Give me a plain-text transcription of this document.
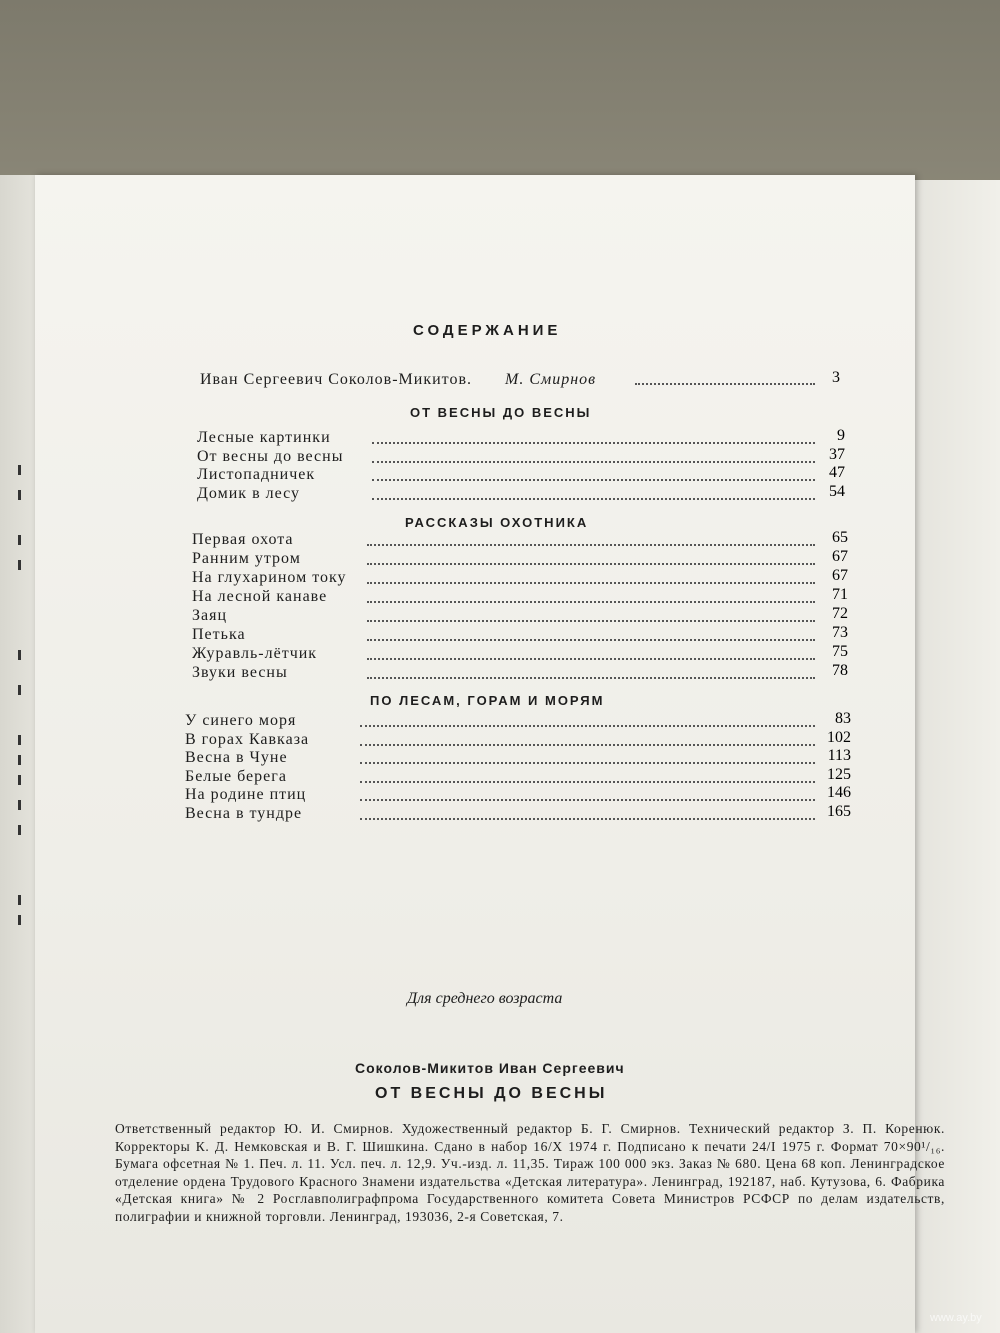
СОДЕРЖАНИЕ
Иван Сергеевич Соколов-Микитов. М. Смирнов	3
ОТ ВЕСНЫ ДО ВЕСНЫ
Лесные картинки	9
От весны до весны	37
Листопадничек	47
Домик в лесу	54
РАССКАЗЫ ОХОТНИКА
Первая охота	65
Ранним утром	67
На глухарином току	67
На лесной канаве	71
Заяц	72
Петька	73
Журавль-лётчик	75
Звуки весны	78
ПО ЛЕСАМ, ГОРАМ И МОРЯМ
У синего моря	83
В горах Кавказа	102
Весна в Чуне	113
Белые берега	125
На родине птиц	146
Весна в тундре	165
Для среднего возраста
Соколов-Микитов Иван Сергеевич
ОТ ВЕСНЫ ДО ВЕСНЫ
Ответственный редактор Ю. И. Смирнов. Художественный редактор Б. Г. Смирнов. Технический редактор З. П. Коренюк. Корректоры К. Д. Немковская и В. Г. Шишкина. Сдано в набор 16/X 1974 г. Подписано к печати 24/I 1975 г. Формат 70×90¹/₁₆. Бумага офсетная № 1. Печ. л. 11. Усл. печ. л. 12,9. Уч.-изд. л. 11,35. Тираж 100 000 экз. Заказ № 680. Цена 68 коп. Ленинградское отделение ордена Трудового Красного Знамени издательства «Детская литература». Ленинград, 192187, наб. Кутузова, 6. Фабрика «Детская книга» № 2 Росглавполиграфпрома Государственного комитета Совета Министров РСФСР по делам издательств, полиграфии и книжной торговли. Ленинград, 193036, 2-я Советская, 7.
www.ay.by
